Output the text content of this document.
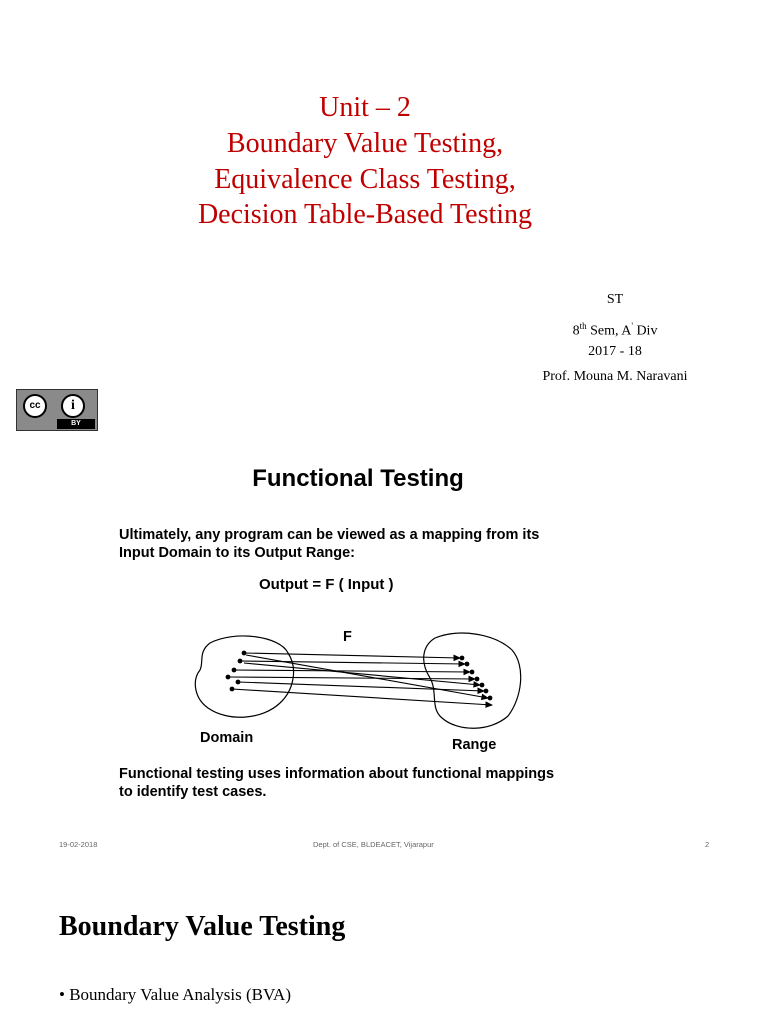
Unit – 2
Boundary Value Testing,
Equivalence Class Testing,
Decision Table-Based Testing
ST
8th Sem, A' Div
2017 - 18
Prof. Mouna M. Naravani
cc	i
BY
Functional Testing
Ultimately, any program can be viewed as a mapping from its
Input Domain to its Output Range:
Output = F ( Input )
F
Domain	Range
Functional testing uses information about functional mappings
to identify test cases.
19-02-2018	Dept. of CSE, BLDEACET, Vijarapur	2
Boundary Value Testing
• Boundary Value Analysis (BVA)
